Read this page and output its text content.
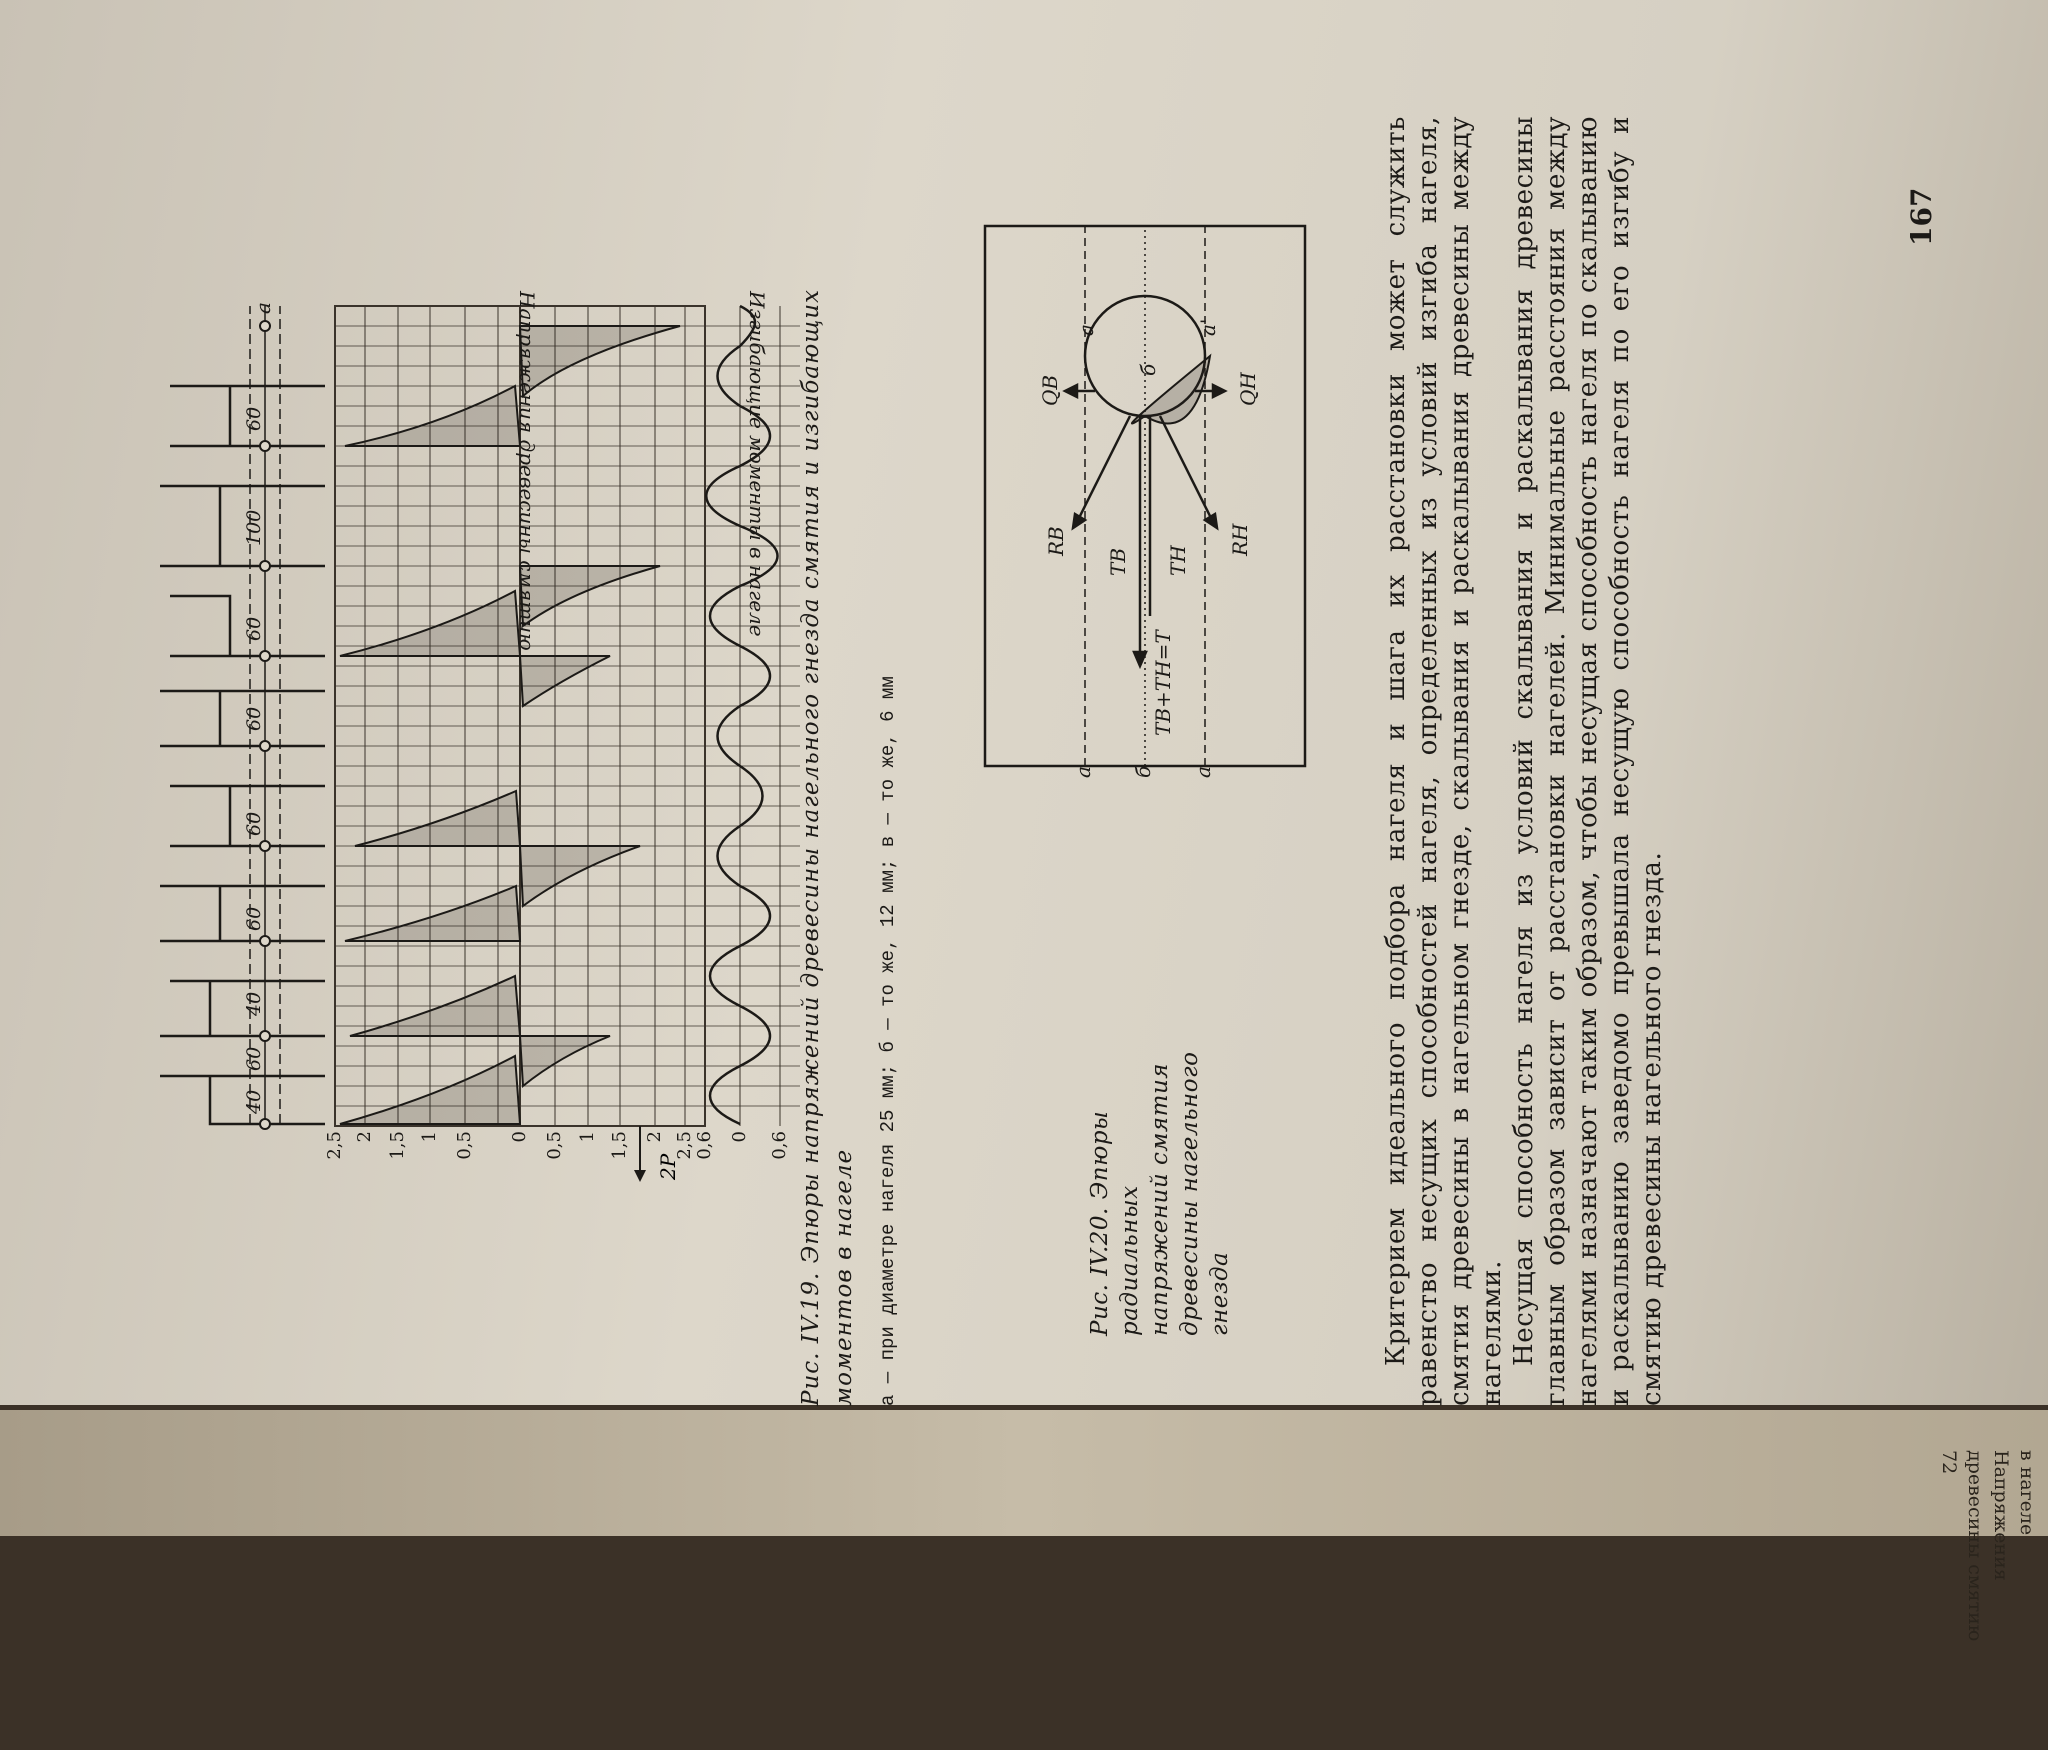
40
60
40
60
60
60
60
100
60
2P
2,5 2 1,5 1 0,5 0 0,5 1 1,5 2 2,5 0,6 0 0,6
Напряжения древесины смятию	Изгибающие моменты в нагеле
а	Рис. IV.19. Эпюры напряжений древесины нагельного гнезда смятия и изгибающих моментов в нагеле а — при диаметре нагеля 25 мм; б — то же, 12 мм; в — то же, 6 мм	Рис. IV.20. Эпюры радиальных напряжений смятия древесины нагельного гнезда
а б а
а
б
а'
RB
QB
TB
TB+TH=T
TH
RH
QH	Критерием идеального подбора нагеля и шага их расстановки может служить равенство несущих способностей нагеля, определенных из условий изгиба нагеля, смятия древесины в нагельном гнезде, скалывания и раскалывания древесины между нагелями. Несущая способность нагеля из условий скалывания и раскалывания древесины главным образом зависит от расстановки нагелей. Минимальные расстояния между нагелями назначают таким образом, чтобы несущая способность нагеля по скалыванию и раскалыванию заведомо превышала несущую способность нагеля по его изгибу и смятию древесины нагельного гнезда.

167
в нагеле
Напряжения
древесины смятию
72
